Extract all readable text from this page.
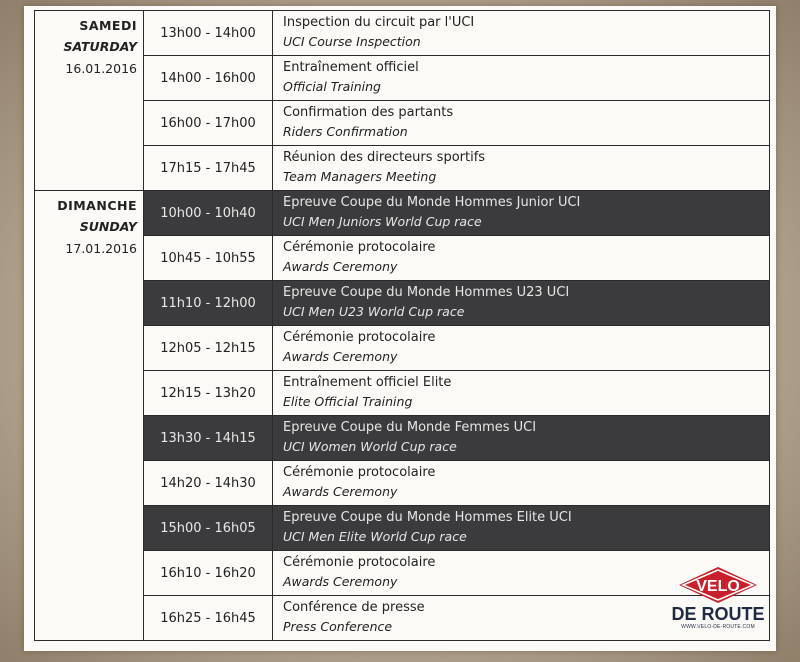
SAMEDI
SATURDAY
16.01.2016	13h00 - 14h00	Inspection du circuit par l'UCI
UCI Course Inspection

	14h00 - 16h00	Entraînement officiel
Official Training

	16h00 - 17h00	Confirmation des partants
Riders Confirmation

	17h15 - 17h45	Réunion des directeurs sportifs
Team Managers Meeting

DIMANCHE
SUNDAY
17.01.2016	10h00 - 10h40	Epreuve Coupe du Monde Hommes Junior UCI
UCI Men Juniors World Cup race

	10h45 - 10h55	Cérémonie protocolaire
Awards Ceremony

	11h10 - 12h00	Epreuve Coupe du Monde Hommes U23 UCI
UCI Men U23 World Cup race

	12h05 - 12h15	Cérémonie protocolaire
Awards Ceremony

	12h15 - 13h20	Entraînement officiel Elite
Elite Official Training

	13h30 - 14h15	Epreuve Coupe du Monde Femmes UCI
UCI Women World Cup race

	14h20 - 14h30	Cérémonie protocolaire
Awards Ceremony

	15h00 - 16h05	Epreuve Coupe du Monde Hommes Elite UCI
UCI Men Elite World Cup race

	16h10 - 16h20	Cérémonie protocolaire
Awards Ceremony

	16h25 - 16h45	Conférence de presse
Press Conference
VELO
DE ROUTE
WWW.VELO-DE-ROUTE.COM
